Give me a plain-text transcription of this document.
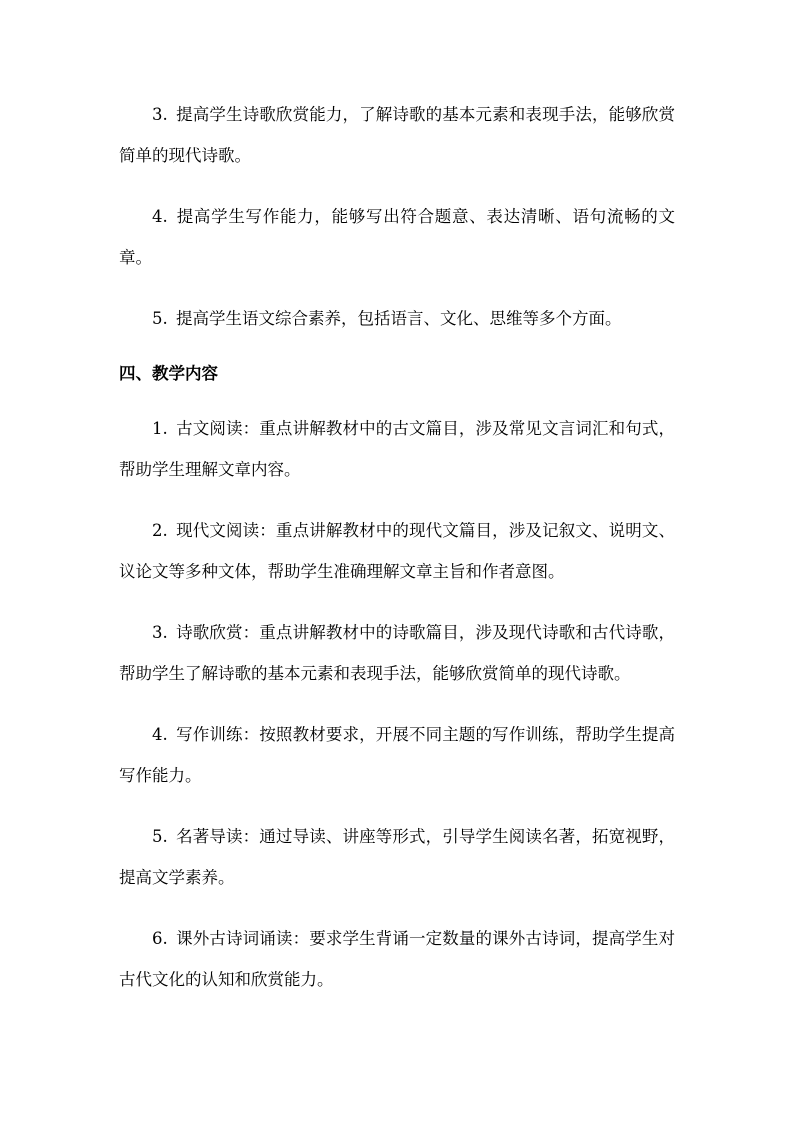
3. 提高学生诗歌欣赏能力，了解诗歌的基本元素和表现手法，能够欣赏简单的现代诗歌。

4. 提高学生写作能力，能够写出符合题意、表达清晰、语句流畅的文章。

5. 提高学生语文综合素养，包括语言、文化、思维等多个方面。

四、教学内容

1. 古文阅读：重点讲解教材中的古文篇目，涉及常见文言词汇和句式，帮助学生理解文章内容。

2. 现代文阅读：重点讲解教材中的现代文篇目，涉及记叙文、说明文、议论文等多种文体，帮助学生准确理解文章主旨和作者意图。

3. 诗歌欣赏：重点讲解教材中的诗歌篇目，涉及现代诗歌和古代诗歌，帮助学生了解诗歌的基本元素和表现手法，能够欣赏简单的现代诗歌。

4. 写作训练：按照教材要求，开展不同主题的写作训练，帮助学生提高写作能力。

5. 名著导读：通过导读、讲座等形式，引导学生阅读名著，拓宽视野，提高文学素养。

6. 课外古诗词诵读：要求学生背诵一定数量的课外古诗词，提高学生对古代文化的认知和欣赏能力。
